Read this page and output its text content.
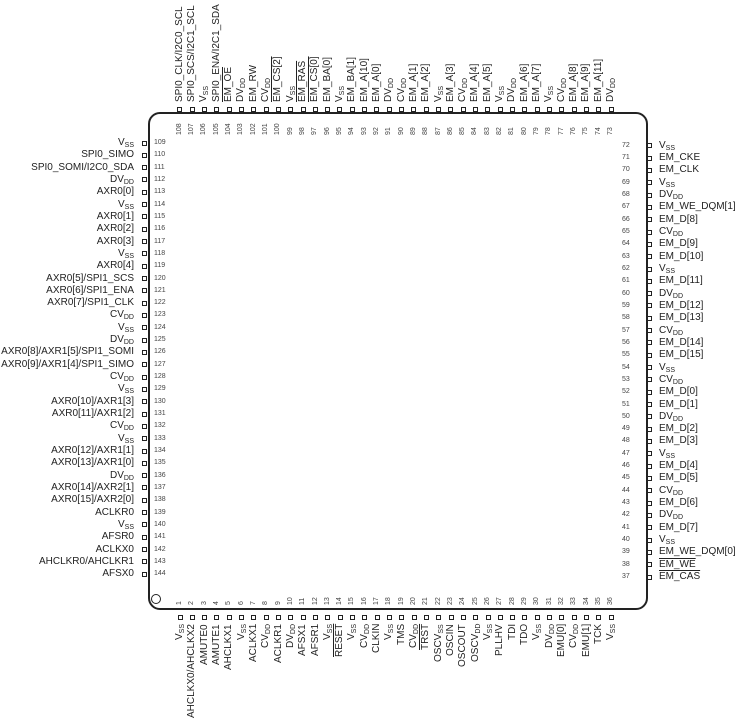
1
$V_{SS}$
2
AHCLKX0/AHCLKX2
3
AMUTE0
4
AMUTE1
5
AHCLKX1
6
$V_{SS}$
7
ACLKX1
8
$CV_{DD}$
9
ACLKR1
10
$DV_{DD}$
11
AFSX1
12
AFSR1
13
$V_{SS}$
14
RESET
15
$V_{SS}$
16
$CV_{DD}$
17
CLKIN
18
$V_{SS}$
19
TMS
20
$CV_{DD}$
21
TRST
22
$OSCV_{SS}$
23
OSCIN
24
OSCOUT
25
$OSCV_{DD}$
26
$V_{SS}$
27
PLLHV
28
TDI
29
TDO
30
$V_{SS}$
31
$DV_{DD}$
32
EMU[0]
33
$CV_{DD}$
34
EMU[1]
35
TCK
36
$V_{SS}$
37	EM_CAS
38	EM_WE
39	EM_WE_DQM[0]
40	$V_{SS}$
41	EM_D[7]
42	$DV_{DD}$
43	EM_D[6]
44	$CV_{DD}$
45	EM_D[5]
46	EM_D[4]
47	$V_{SS}$
48	EM_D[3]
49	EM_D[2]
50	$DV_{DD}$
51	EM_D[1]
52	EM_D[0]
53	$CV_{DD}$
54	$V_{SS}$
55	EM_D[15]
56	EM_D[14]
57	$CV_{DD}$
58	EM_D[13]
59	EM_D[12]
60	$DV_{DD}$
61	EM_D[11]
62	$V_{SS}$
63	EM_D[10]
64	EM_D[9]
65	$CV_{DD}$
66	EM_D[8]
67	EM_WE_DQM[1]
68	$DV_{DD}$
69	$V_{SS}$
70	EM_CLK
71	EM_CKE
72	$V_{SS}$
73
$DV_{DD}$
74
EM_A[11]
75
EM_A[9]
76
EM_A[8]
77
$CV_{DD}$
78
$V_{SS}$
79
EM_A[7]
80
EM_A[6]
81
$DV_{DD}$
82
$V_{SS}$
83
EM_A[5]
84
EM_A[4]
85
$CV_{DD}$
86
EM_A[3]
87
$V_{SS}$
88
EM_A[2]
89
EM_A[1]
90
$CV_{DD}$
91
$DV_{DD}$
92
EM_A[0]
93
EM_A[10]
94
EM_BA[1]
95
$V_{SS}$
96
EM_BA[0]
97
EM_CS[0]
98
EM_RAS
99
$V_{SS}$
100
EM_CS[2]
101
$CV_{DD}$
102
EM_RW
103
$DV_{DD}$
104
EM_OE
105
SPI0_ENA/I2C1_SDA
106
$V_{SS}$
107
SPI0_SCS/I2C1_SCL
108
SPI0_CLK/I2C0_SCL
109
$V_{SS}$
110
SPI0_SIMO
111
SPI0_SOMI/I2C0_SDA
112
$DV_{DD}$
113
AXR0[0]
114
$V_{SS}$
115
AXR0[1]
116
AXR0[2]
117
AXR0[3]
118
$V_{SS}$
119
AXR0[4]
120
AXR0[5]/SPI1_SCS
121
AXR0[6]/SPI1_ENA
122
AXR0[7]/SPI1_CLK
123
$CV_{DD}$
124
$V_{SS}$
125
$DV_{DD}$
126
AXR0[8]/AXR1[5]/SPI1_SOMI
127
AXR0[9]/AXR1[4]/SPI1_SIMO
128
$CV_{DD}$
129
$V_{SS}$
130
AXR0[10]/AXR1[3]
131
AXR0[11]/AXR1[2]
132
$CV_{DD}$
133
$V_{SS}$
134
AXR0[12]/AXR1[1]
135
AXR0[13]/AXR1[0]
136
$DV_{DD}$
137
AXR0[14]/AXR2[1]
138
AXR0[15]/AXR2[0]
139
ACLKR0
140
$V_{SS}$
141
AFSR0
142
ACLKX0
143
AHCLKR0/AHCLKR1
144
AFSX0
